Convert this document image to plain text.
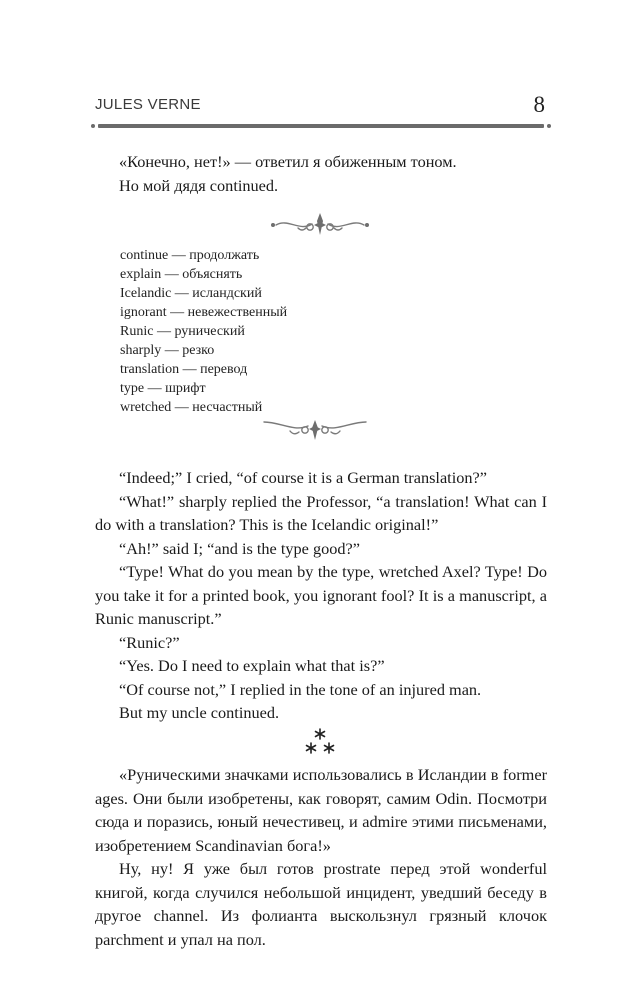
JULES VERNE	8

«Конечно, нет!» — ответил я обиженным тоном.

Но мой дядя continued.

continue — продолжать
explain — объяснять
Icelandic — исландский
ignorant — невежественный
Runic — рунический
sharply — резко
translation — перевод
type — шрифт
wretched — несчастный

“Indeed;” I cried, “of course it is a German translation?”

“What!” sharply replied the Professor, “a translation! What can I do with a translation? This is the Icelandic original!”

“Ah!” said I; “and is the type good?”

“Type! What do you mean by the type, wretched Axel? Type! Do you take it for a printed book, you ignorant fool? It is a manuscript, a Runic manuscript.”

“Runic?”

“Yes. Do I need to explain what that is?”

“Of course not,” I replied in the tone of an injured man.

But my uncle continued.

«Руническими значками использовались в Исландии в former ages. Они были изобретены, как говорят, самим Odin. Посмотри сюда и поразись, юный нечестивец, и admire этими письменами, изобретением Scandinavian бога!»

Ну, ну! Я уже был готов prostrate перед этой wonderful книгой, когда случился небольшой инцидент, уведший беседу в другое channel. Из фолианта выскользнул грязный клочок parchment и упал на пол.
